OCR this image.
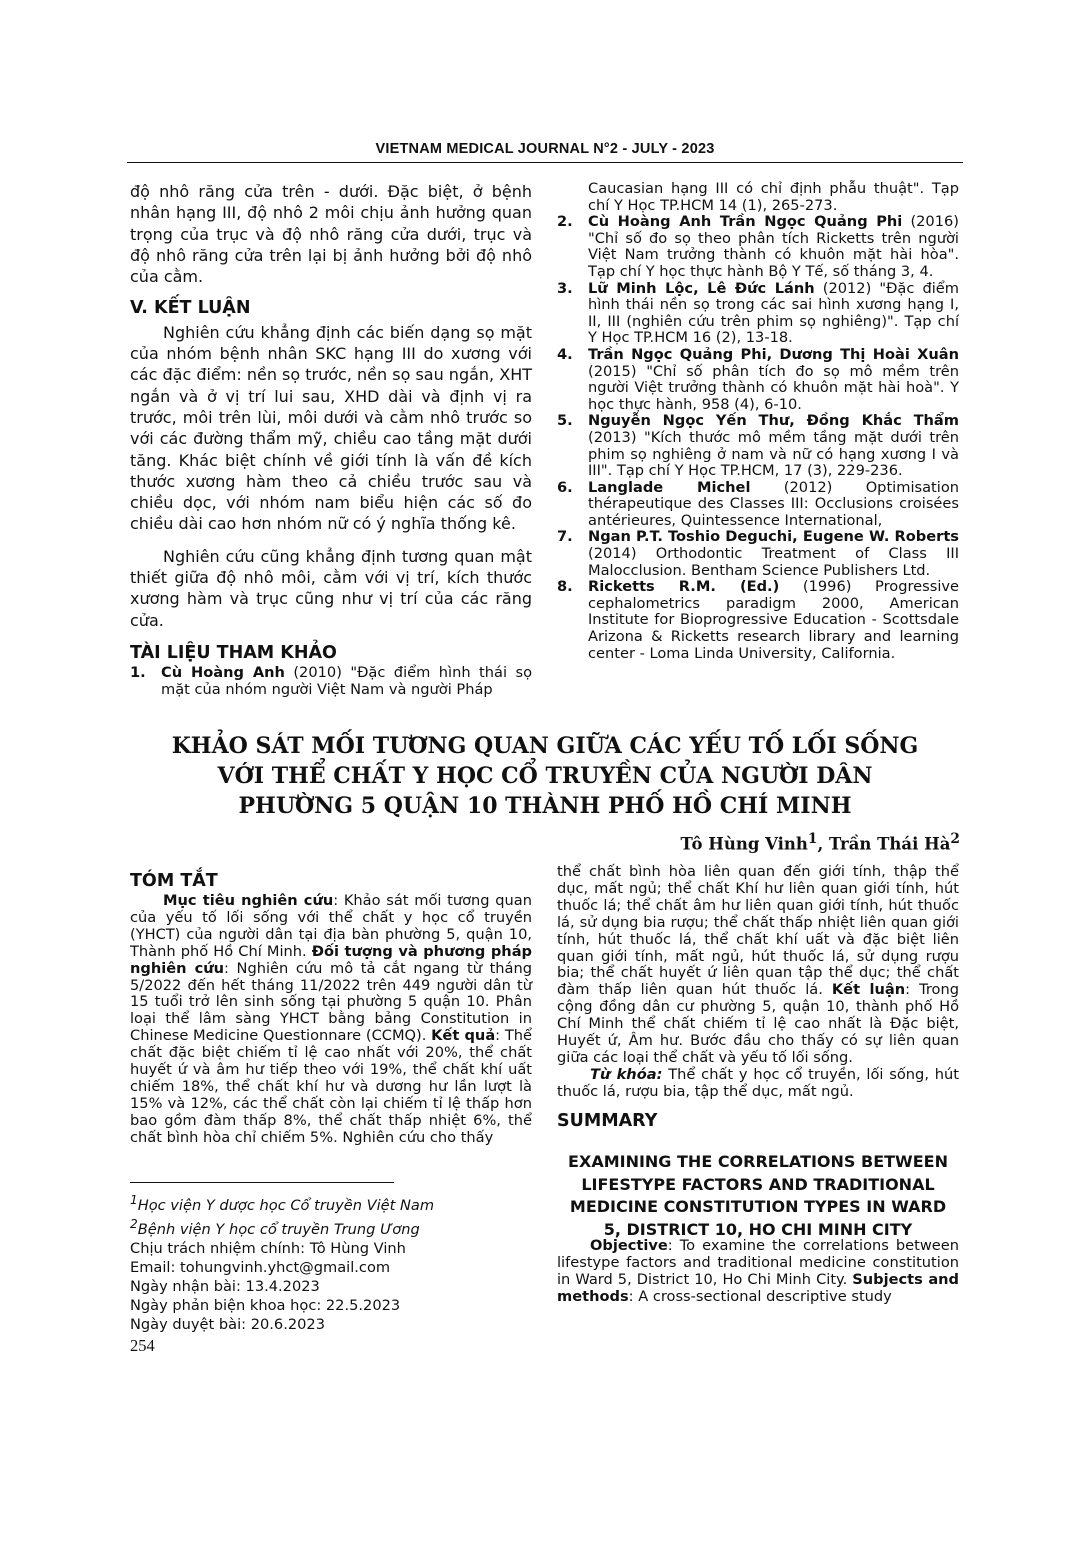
VIETNAM MEDICAL JOURNAL N°2 - JULY - 2023

độ nhô răng cửa trên - dưới. Đặc biệt, ở bệnh nhân hạng III, độ nhô 2 môi chịu ảnh hưởng quan trọng của trục và độ nhô răng cửa dưới, trục và độ nhô răng cửa trên lại bị ảnh hưởng bởi độ nhô của cằm.

V. KẾT LUẬN

Nghiên cứu khẳng định các biến dạng sọ mặt của nhóm bệnh nhân SKC hạng III do xương với các đặc điểm: nền sọ trước, nền sọ sau ngắn, XHT ngắn và ở vị trí lui sau, XHD dài và định vị ra trước, môi trên lùi, môi dưới và cằm nhô trước so với các đường thẩm mỹ, chiều cao tầng mặt dưới tăng. Khác biệt chính về giới tính là vấn đề kích thước xương hàm theo cả chiều trước sau và chiều dọc, với nhóm nam biểu hiện các số đo chiều dài cao hơn nhóm nữ có ý nghĩa thống kê.

Nghiên cứu cũng khẳng định tương quan mật thiết giữa độ nhô môi, cằm với vị trí, kích thước xương hàm và trục cũng như vị trí của các răng cửa.

TÀI LIỆU THAM KHẢO
1. Cù Hoàng Anh (2010) "Đặc điểm hình thái sọ mặt của nhóm người Việt Nam và người Pháp
Caucasian hạng III có chỉ định phẫu thuật". Tạp chí Y Học TP.HCM 14 (1), 265-273.
2. Cù Hoàng Anh Trần Ngọc Quảng Phi (2016) "Chỉ số đo sọ theo phân tích Ricketts trên người Việt Nam trưởng thành có khuôn mặt hài hòa". Tạp chí Y học thực hành Bộ Y Tế, số tháng 3, 4.
3. Lữ Minh Lộc, Lê Đức Lánh (2012) "Đặc điểm hình thái nền sọ trong các sai hình xương hạng I, II, III (nghiên cứu trên phim sọ nghiêng)". Tạp chí Y Học TP.HCM 16 (2), 13-18.
4. Trần Ngọc Quảng Phi, Dương Thị Hoài Xuân (2015) "Chỉ số phân tích đo sọ mô mềm trên người Việt trưởng thành có khuôn mặt hài hoà". Y học thực hành, 958 (4), 6-10.
5. Nguyễn Ngọc Yến Thư, Đồng Khắc Thẩm (2013) "Kích thước mô mềm tầng mặt dưới trên phim sọ nghiêng ở nam và nữ có hạng xương I và III". Tạp chí Y Học TP.HCM, 17 (3), 229-236.
6. Langlade Michel (2012) Optimisation thérapeutique des Classes III: Occlusions croisées antérieures, Quintessence International,
7. Ngan P.T. Toshio Deguchi, Eugene W. Roberts (2014) Orthodontic Treatment of Class III Malocclusion. Bentham Science Publishers Ltd.
8. Ricketts R.M. (Ed.) (1996) Progressive cephalometrics paradigm 2000, American Institute for Bioprogressive Education - Scottsdale Arizona & Ricketts research library and learning center - Loma Linda University, California.
KHẢO SÁT MỐI TƯƠNG QUAN GIỮA CÁC YẾU TỐ LỐI SỐNG
VỚI THỂ CHẤT Y HỌC CỔ TRUYỀN CỦA NGƯỜI DÂN
PHƯỜNG 5 QUẬN 10 THÀNH PHỐ HỒ CHÍ MINH
Tô Hùng Vinh$^1$, Trần Thái $Hà^2$
TÓM TẮT

Mục tiêu nghiên cứu: Khảo sát mối tương quan của yếu tố lối sống với thể chất y học cổ truyền (YHCT) của người dân tại địa bàn phường 5, quận 10, Thành phố Hồ Chí Minh. Đối tượng và phương pháp nghiên cứu: Nghiên cứu mô tả cắt ngang từ tháng 5/2022 đến hết tháng 11/2022 trên 449 người dân từ 15 tuổi trở lên sinh sống tại phường 5 quận 10. Phân loại thể lâm sàng YHCT bằng bảng Constitution in Chinese Medicine Questionnare (CCMQ). Kết quả: Thể chất đặc biệt chiếm tỉ lệ cao nhất với 20%, thể chất huyết ứ và âm hư tiếp theo với 19%, thể chất khí uất chiếm 18%, thể chất khí hư và dương hư lần lượt là 15% và 12%, các thể chất còn lại chiếm tỉ lệ thấp hơn bao gồm đàm thấp 8%, thể chất thấp nhiệt 6%, thể chất bình hòa chỉ chiếm 5%. Nghiên cứu cho thấy

thể chất bình hòa liên quan đến giới tính, thập thể dục, mất ngủ; thể chất Khí hư liên quan giới tính, hút thuốc lá; thể chất âm hư liên quan giới tính, hút thuốc lá, sử dụng bia rượu; thể chất thấp nhiệt liên quan giới tính, hút thuốc lá, thể chất khí uất và đặc biệt liên quan giới tính, mất ngủ, hút thuốc lá, sử dụng rượu bia; thể chất huyết ứ liên quan tập thể dục; thể chất đàm thấp liên quan hút thuốc lá. Kết luận: Trong cộng đồng dân cư phường 5, quận 10, thành phố Hồ Chí Minh thể chất chiếm tỉ lệ cao nhất là Đặc biệt, Huyết ứ, Âm hư. Bước đầu cho thấy có sự liên quan giữa các loại thể chất và yếu tố lối sống.

Từ khóa: Thể chất y học cổ truyền, lối sống, hút thuốc lá, rượu bia, tập thể dục, mất ngủ.

SUMMARY
EXAMINING THE CORRELATIONS BETWEEN
LIFESTYPE FACTORS AND TRADITIONAL
MEDICINE CONSTITUTION TYPES IN WARD
5, DISTRICT 10, HO CHI MINH CITY

Objective: To examine the correlations between lifestype factors and traditional medicine constitution in Ward 5, District 10, Ho Chi Minh City. Subjects and methods: A cross-sectional descriptive study

$^1$Học viện Y dược học Cổ truyền Việt Nam
$^2$Bệnh viện Y học cổ truyền Trung Ương
Chịu trách nhiệm chính: Tô Hùng Vinh
Email: tohungvinh.yhct@gmail.com
Ngày nhận bài: 13.4.2023
Ngày phản biện khoa học: 22.5.2023
Ngày duyệt bài: 20.6.2023
254
